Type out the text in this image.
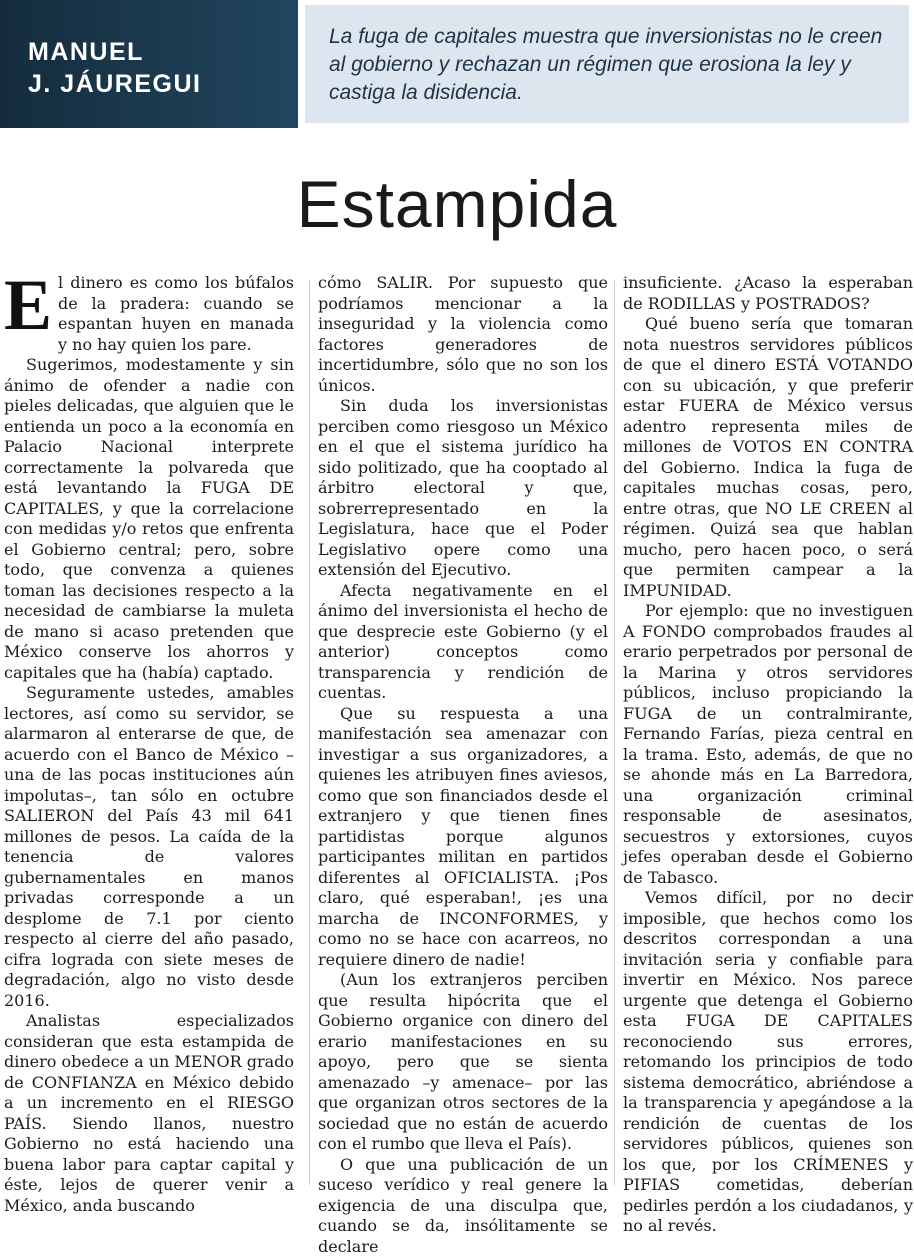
MANUEL
J. JÁUREGUI
La fuga de capitales muestra que inversionistas no le creen al gobierno y rechazan un régimen que erosiona la ley y castiga la disidencia.
Estampida

El dinero es como los búfalos de la pradera: cuando se espantan huyen en manada y no hay quien los pare.

Sugerimos, modestamente y sin ánimo de ofender a nadie con pieles delicadas, que alguien que le entienda un poco a la economía en Palacio Nacional interprete correctamente la polvareda que está levantando la FUGA DE CAPITALES, y que la correlacione con medidas y/o retos que enfrenta el Gobierno central; pero, sobre todo, que convenza a quienes toman las decisiones respecto a la necesidad de cambiarse la muleta de mano si acaso pretenden que México conserve los ahorros y capitales que ha (había) captado.

Seguramente ustedes, amables lectores, así como su servidor, se alarmaron al enterarse de que, de acuerdo con el Banco de México –una de las pocas instituciones aún impolutas–, tan sólo en octubre SALIERON del País 43 mil 641 millones de pesos. La caída de la tenencia de valores gubernamentales en manos privadas corresponde a un desplome de 7.1 por ciento respecto al cierre del año pasado, cifra lograda con siete meses de degradación, algo no visto desde 2016.

Analistas especializados consideran que esta estampida de dinero obedece a un MENOR grado de CONFIANZA en México debido a un incremento en el RIESGO PAÍS. Siendo llanos, nuestro Gobierno no está haciendo una buena labor para captar capital y éste, lejos de querer venir a México, anda buscando

cómo SALIR. Por supuesto que podríamos mencionar a la inseguridad y la violencia como factores generadores de incertidumbre, sólo que no son los únicos.

Sin duda los inversionistas perciben como riesgoso un México en el que el sistema jurídico ha sido politizado, que ha cooptado al árbitro electoral y que, sobrerrepresentado en la Legislatura, hace que el Poder Legislativo opere como una extensión del Ejecutivo.

Afecta negativamente en el ánimo del inversionista el hecho de que desprecie este Gobierno (y el anterior) conceptos como transparencia y rendición de cuentas.

Que su respuesta a una manifestación sea amenazar con investigar a sus organizadores, a quienes les atribuyen fines aviesos, como que son financiados desde el extranjero y que tienen fines partidistas porque algunos participantes militan en partidos diferentes al OFICIALISTA. ¡Pos claro, qué esperaban!, ¡es una marcha de INCONFORMES, y como no se hace con acarreos, no requiere dinero de nadie!

(Aun los extranjeros perciben que resulta hipócrita que el Gobierno organice con dinero del erario manifestaciones en su apoyo, pero que se sienta amenazado –y amenace– por las que organizan otros sectores de la sociedad que no están de acuerdo con el rumbo que lleva el País).

O que una publicación de un suceso verídico y real genere la exigencia de una disculpa que, cuando se da, insólitamente se declare

insuficiente. ¿Acaso la esperaban de RODILLAS y POSTRADOS?

Qué bueno sería que tomaran nota nuestros servidores públicos de que el dinero ESTÁ VOTANDO con su ubicación, y que preferir estar FUERA de México versus adentro representa miles de millones de VOTOS EN CONTRA del Gobierno. Indica la fuga de capitales muchas cosas, pero, entre otras, que NO LE CREEN al régimen. Quizá sea que hablan mucho, pero hacen poco, o será que permiten campear a la IMPUNIDAD.

Por ejemplo: que no investiguen A FONDO comprobados fraudes al erario perpetrados por personal de la Marina y otros servidores públicos, incluso propiciando la FUGA de un contralmirante, Fernando Farías, pieza central en la trama. Esto, además, de que no se ahonde más en La Barredora, una organización criminal responsable de asesinatos, secuestros y extorsiones, cuyos jefes operaban desde el Gobierno de Tabasco.

Vemos difícil, por no decir imposible, que hechos como los descritos correspondan a una invitación seria y confiable para invertir en México. Nos parece urgente que detenga el Gobierno esta FUGA DE CAPITALES reconociendo sus errores, retomando los principios de todo sistema democrático, abriéndose a la transparencia y apegándose a la rendición de cuentas de los servidores públicos, quienes son los que, por los CRÍMENES y PIFIAS cometidas, deberían pedirles perdón a los ciudadanos, y no al revés.
